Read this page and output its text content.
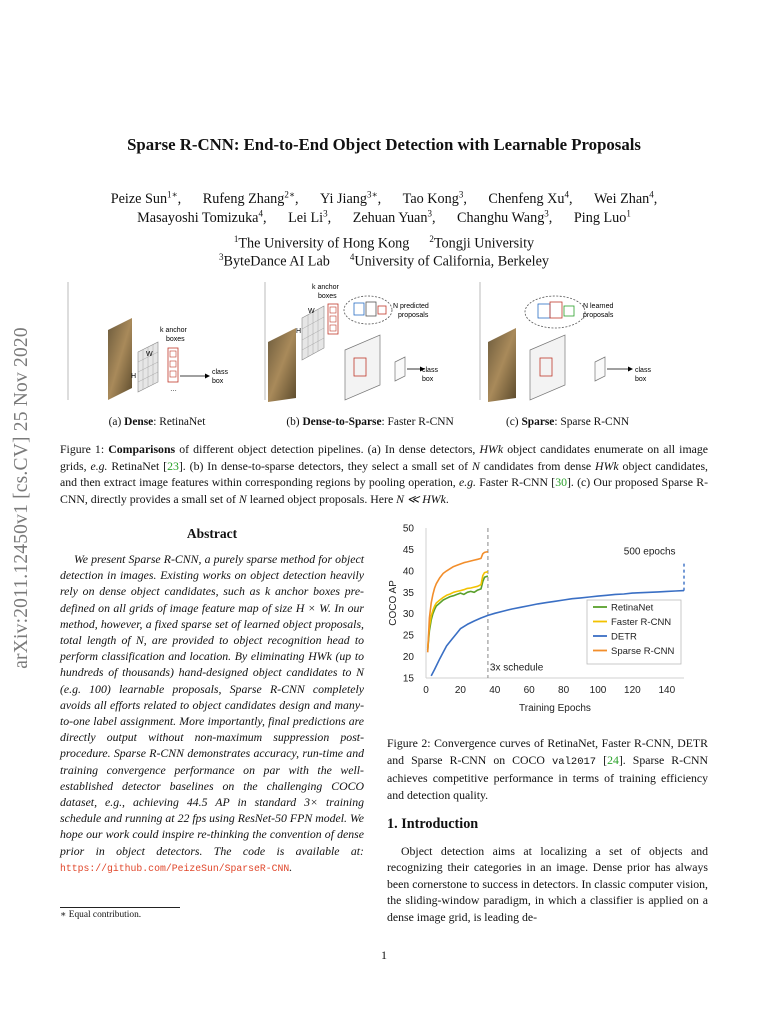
arXiv:2011.12450v1 [cs.CV] 25 Nov 2020
Sparse R-CNN: End-to-End Object Detection with Learnable Proposals
Peize Sun$^{1∗}$, Rufeng Zhang$^{2∗}$, Yi Jiang$^{3∗}$, Tao Kong$^3$, Chenfeng Xu$^4$, Wei Zhan$^4$,
Masayoshi Tomizuka$^4$, Lei Li$^3$, Zehuan Yuan$^3$, Changhu Wang$^3$, Ping Luo$^1$
$^1$The University of Hong Kong $^2$Tongji University
$^3$ByteDance AI Lab $^4$University of California, Berkeley
W
H
k anchor
boxes
…
class
box
W
H
k anchor
boxes
N predicted
proposals
class
box
N learned
proposals
class
box
(a) Dense: RetinaNet	(b) Dense-to-Sparse: Faster R-CNN	(c) Sparse: Sparse R-CNN
Figure 1: Comparisons of different object detection pipelines. (a) In dense detectors, HWk object candidates enumerate on all image grids, e.g. RetinaNet [23]. (b) In dense-to-sparse detectors, they select a small set of N candidates from dense HWk object candidates, and then extract image features within corresponding regions by pooling operation, e.g. Faster R-CNN [30]. (c) Our proposed Sparse R-CNN, directly provides a small set of N learned object proposals. Here N ≪ HWk.
Abstract
We present Sparse R-CNN, a purely sparse method for object detection in images. Existing works on object detection heavily rely on dense object candidates, such as k anchor boxes pre-defined on all grids of image feature map of size H × W. In our method, however, a fixed sparse set of learned object proposals, total length of N, are provided to object recognition head to perform classification and location. By eliminating HWk (up to hundreds of thousands) hand-designed object candidates to N (e.g. 100) learnable proposals, Sparse R-CNN completely avoids all efforts related to object candidates design and many-to-one label assignment. More importantly, final predictions are directly output without non-maximum suppression post-procedure. Sparse R-CNN demonstrates accuracy, run-time and training convergence performance on par with the well-established detector baselines on the challenging COCO dataset, e.g., achieving 44.5 AP in standard 3× training schedule and running at 22 fps using ResNet-50 FPN model. We hope our work could inspire re-thinking the convention of dense prior in object detectors. The code is available at: https://github.com/PeizeSun/SparseR-CNN.
∗ Equal contribution.
1
15
20
25
30
35
40
45
50
0	20 40 60 80 100 120 140
Training Epochs
COCO AP
3x schedule
500 epochs
RetinaNet
Faster R-CNN
DETR
Sparse R-CNN
Figure 2: Convergence curves of RetinaNet, Faster R-CNN, DETR and Sparse R-CNN on COCO val2017 [24]. Sparse R-CNN achieves competitive performance in terms of training efficiency and detection quality.
1. Introduction
Object detection aims at localizing a set of objects and recognizing their categories in an image. Dense prior has always been cornerstone to success in detectors. In classic computer vision, the sliding-window paradigm, in which a classifier is applied on a dense image grid, is leading de-
